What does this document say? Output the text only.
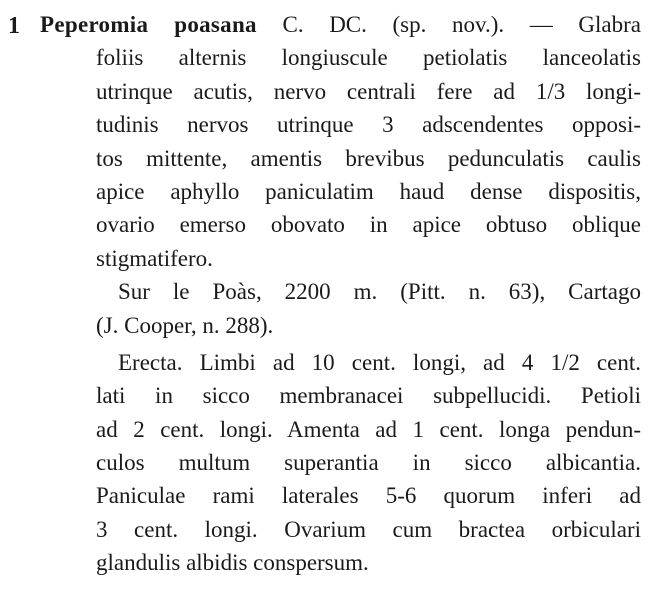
1 Peperomia poasana C. DC. (sp. nov.). — Glabra
foliis alternis longiuscule petiolatis lanceolatis
utrinque acutis, nervo centrali fere ad 1/3 longi-
tudinis nervos utrinque 3 adscendentes opposi-
tos mittente, amentis brevibus pedunculatis caulis
apice aphyllo paniculatim haud dense dispositis,
ovario emerso obovato in apice obtuso oblique
stigmatifero.
Sur le Poàs, 2200 m. (Pitt. n. 63), Cartago
(J. Cooper, n. 288).
Erecta. Limbi ad 10 cent. longi, ad 4 1/2 cent.
lati in sicco membranacei subpellucidi. Petioli
ad 2 cent. longi. Amenta ad 1 cent. longa pendun-
culos multum superantia in sicco albicantia.
Paniculae rami laterales 5-6 quorum inferi ad
3 cent. longi. Ovarium cum bractea orbiculari
glandulis albidis conspersum.
